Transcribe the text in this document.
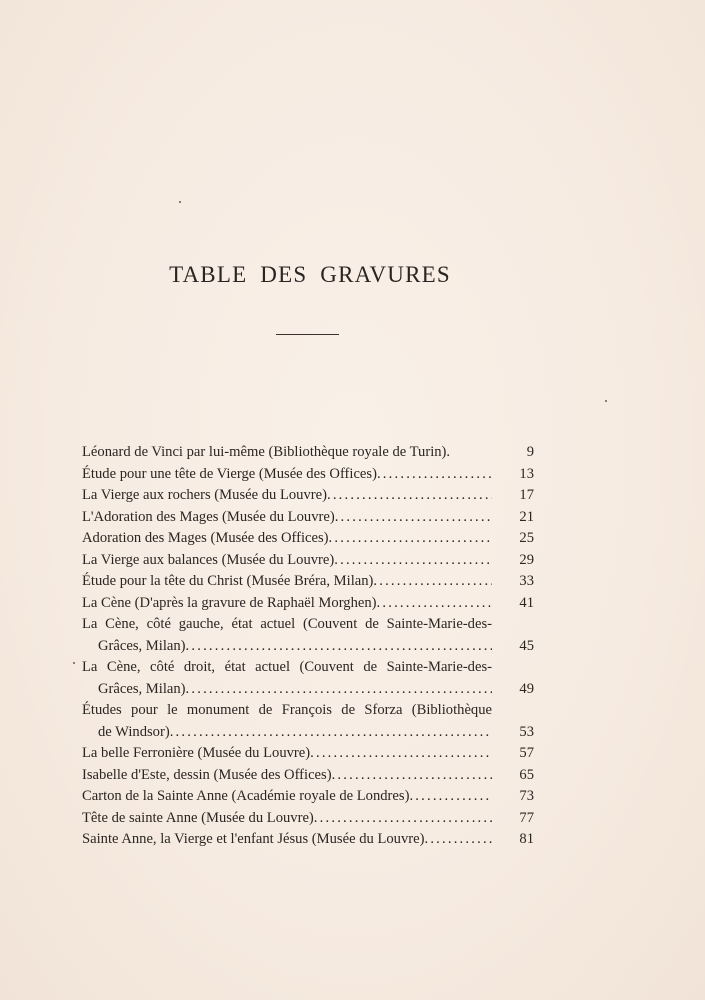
TABLE DES GRAVURES
Léonard de Vinci par lui-même (Bibliothèque royale de Turin).	9
Étude pour une tête de Vierge (Musée des Offices) .....	13
La Vierge aux rochers (Musée du Louvre) .....	17
L'Adoration des Mages (Musée du Louvre) .....	21
Adoration des Mages (Musée des Offices) .....	25
La Vierge aux balances (Musée du Louvre) .....	29
Étude pour la tête du Christ (Musée Bréra, Milan) .....	33
La Cène (D'après la gravure de Raphaël Morghen) .....	41
La Cène, côté gauche, état actuel (Couvent de Sainte-Marie-des-
Grâces, Milan) .....	45
La Cène, côté droit, état actuel (Couvent de Sainte-Marie-des-
Grâces, Milan) .....	49
Études pour le monument de François de Sforza (Bibliothèque
de Windsor) .....	53
La belle Ferronière (Musée du Louvre) .....	57
Isabelle d'Este, dessin (Musée des Offices) .....	65
Carton de la Sainte Anne (Académie royale de Londres) .....	73
Tête de sainte Anne (Musée du Louvre) .....	77
Sainte Anne, la Vierge et l'enfant Jésus (Musée du Louvre) .....	81
